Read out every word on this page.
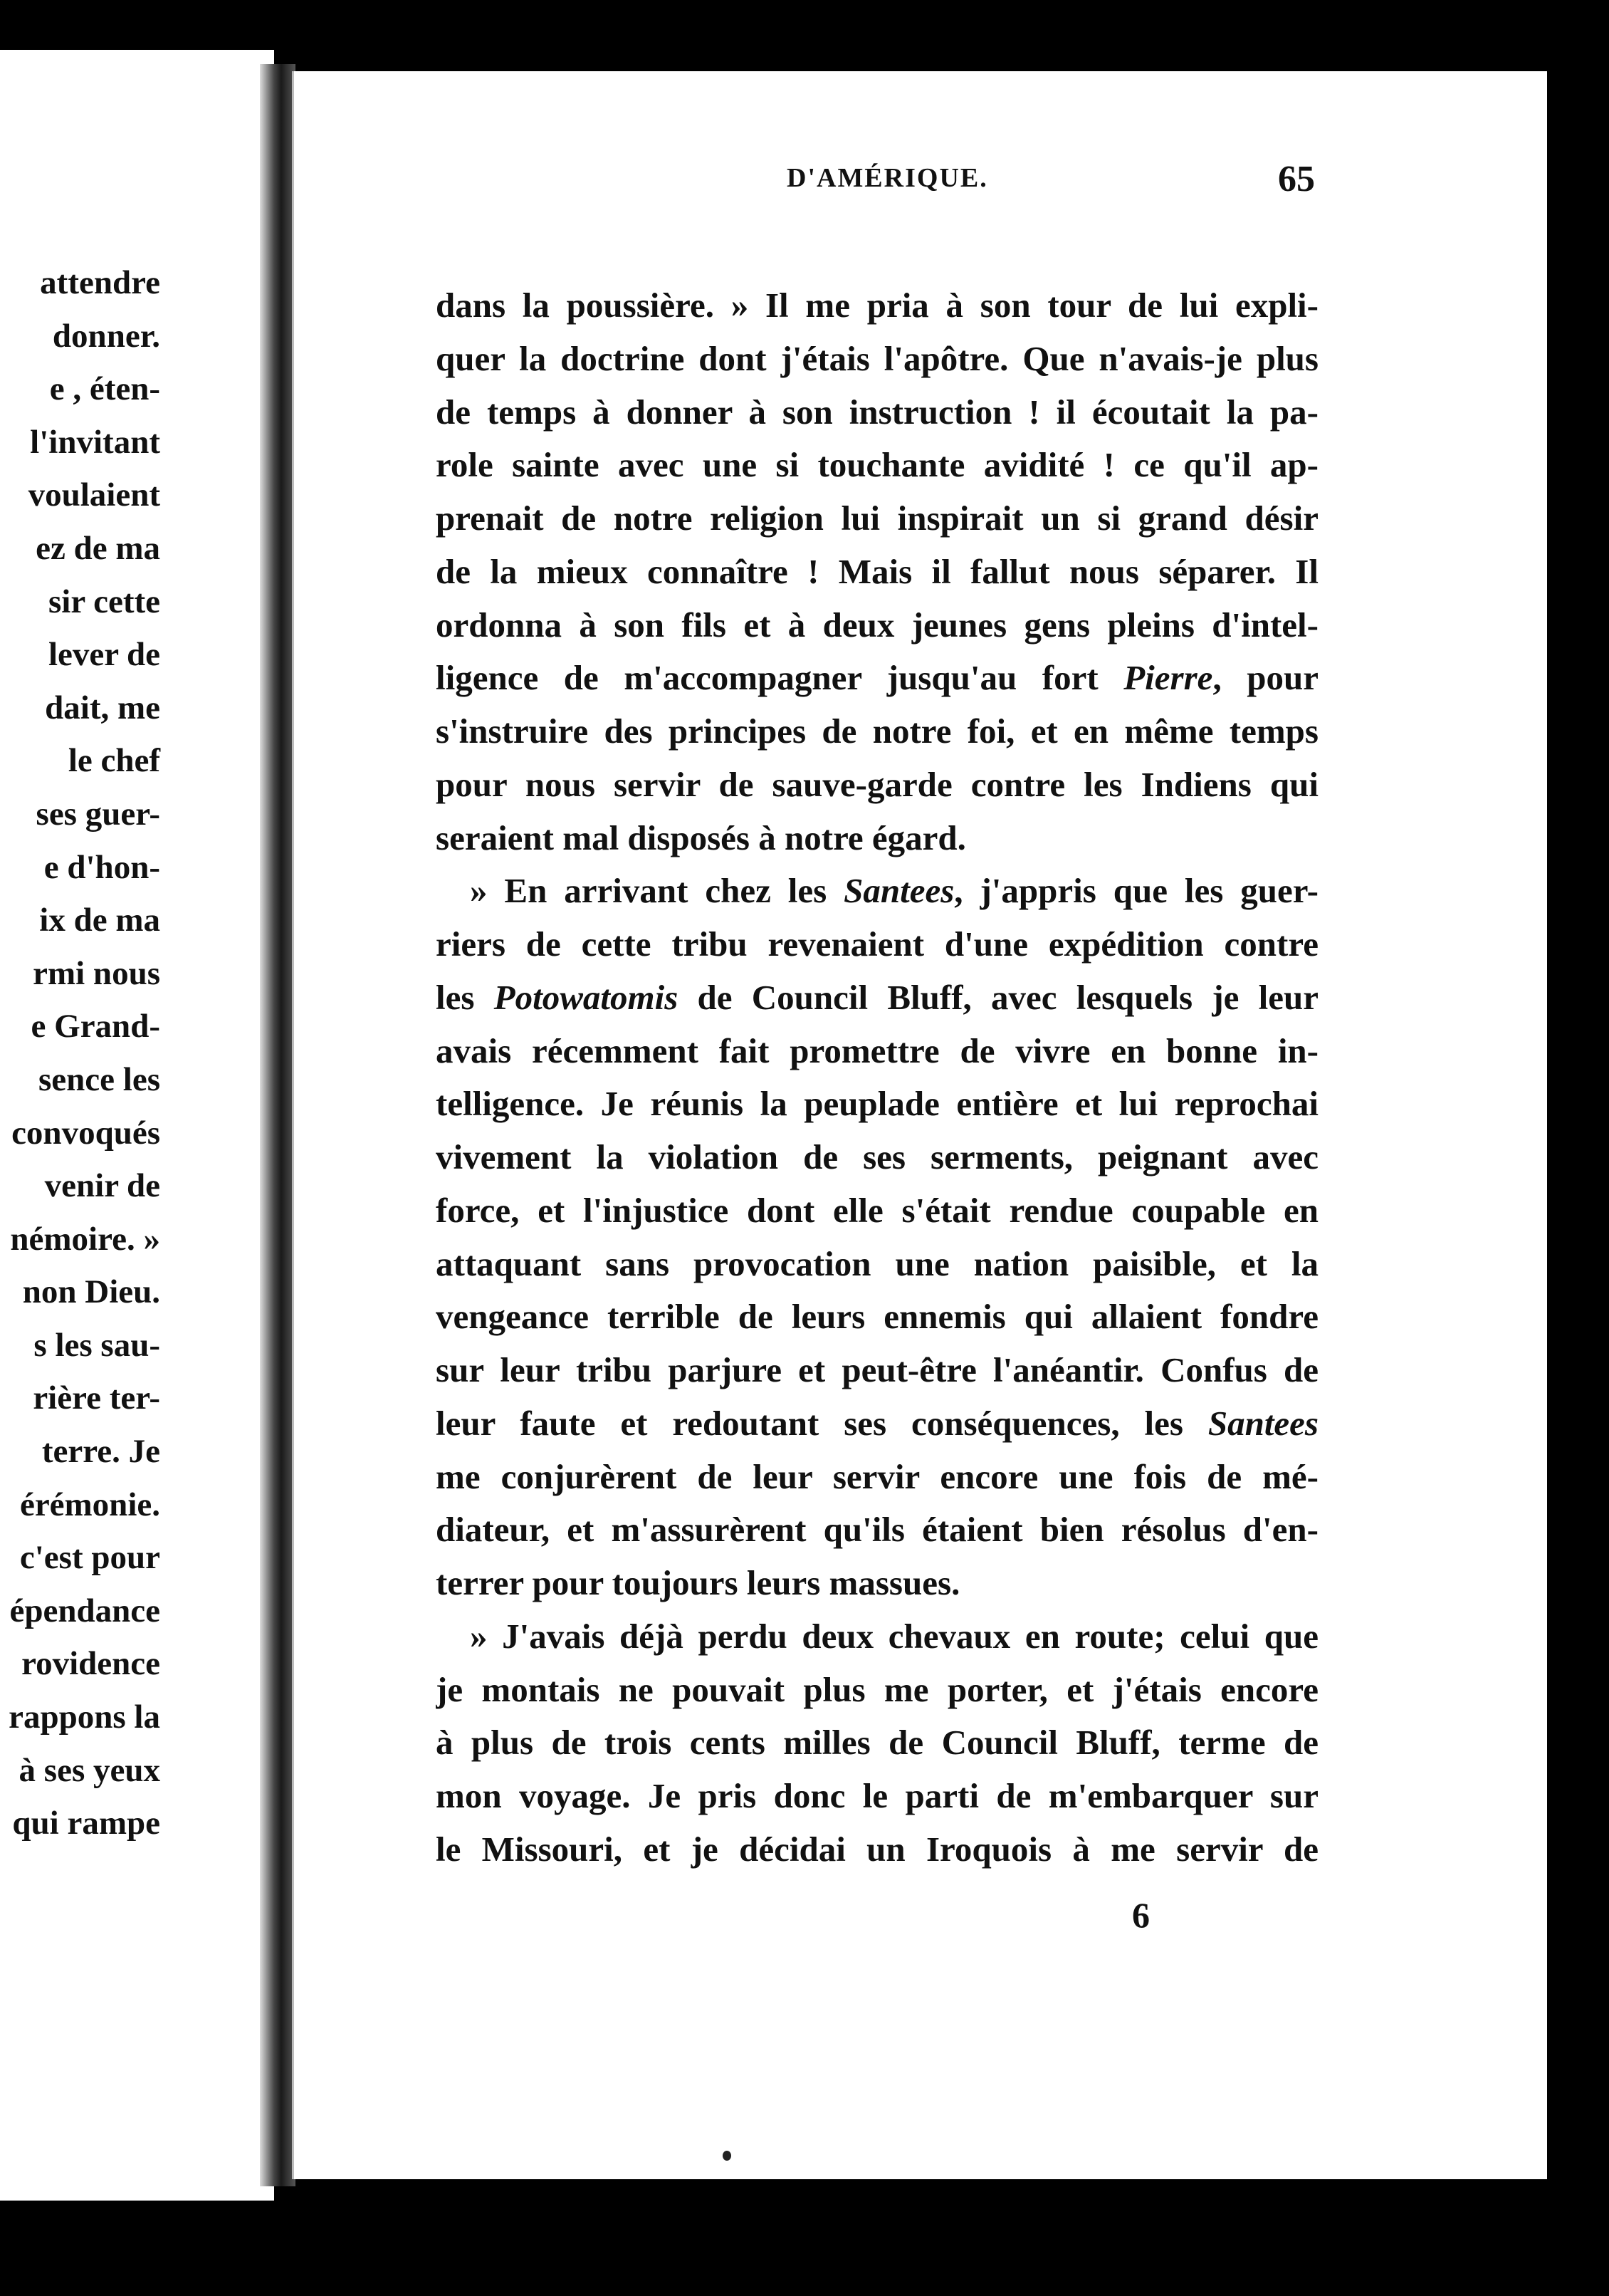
attendre
donner.
e , éten-
l'invitant
voulaient
ez de ma
sir cette
lever de
dait, me
le chef
ses guer-
e d'hon-
ix de ma
rmi nous
e Grand-
sence les
convoqués
venir de
némoire. »
non Dieu.
s les sau-
rière ter-
terre. Je
érémonie.
c'est pour
épendance
rovidence
rappons la
à ses yeux
qui rampe
D'AMÉRIQUE.	65
dans la poussière. » Il me pria à son tour de lui expli-
quer la doctrine dont j'étais l'apôtre. Que n'avais-je plus
de temps à donner à son instruction ! il écoutait la pa-
role sainte avec une si touchante avidité ! ce qu'il ap-
prenait de notre religion lui inspirait un si grand désir
de la mieux connaître ! Mais il fallut nous séparer. Il
ordonna à son fils et à deux jeunes gens pleins d'intel-
ligence de m'accompagner jusqu'au fort Pierre, pour
s'instruire des principes de notre foi, et en même temps
pour nous servir de sauve-garde contre les Indiens qui
seraient mal disposés à notre égard.
» En arrivant chez les Santees, j'appris que les guer-
riers de cette tribu revenaient d'une expédition contre
les Potowatomis de Council Bluff, avec lesquels je leur
avais récemment fait promettre de vivre en bonne in-
telligence. Je réunis la peuplade entière et lui reprochai
vivement la violation de ses serments, peignant avec
force, et l'injustice dont elle s'était rendue coupable en
attaquant sans provocation une nation paisible, et la
vengeance terrible de leurs ennemis qui allaient fondre
sur leur tribu parjure et peut-être l'anéantir. Confus de
leur faute et redoutant ses conséquences, les Santees
me conjurèrent de leur servir encore une fois de mé-
diateur, et m'assurèrent qu'ils étaient bien résolus d'en-
terrer pour toujours leurs massues.
» J'avais déjà perdu deux chevaux en route; celui que
je montais ne pouvait plus me porter, et j'étais encore
à plus de trois cents milles de Council Bluff, terme de
mon voyage. Je pris donc le parti de m'embarquer sur
le Missouri, et je décidai un Iroquois à me servir de
6
